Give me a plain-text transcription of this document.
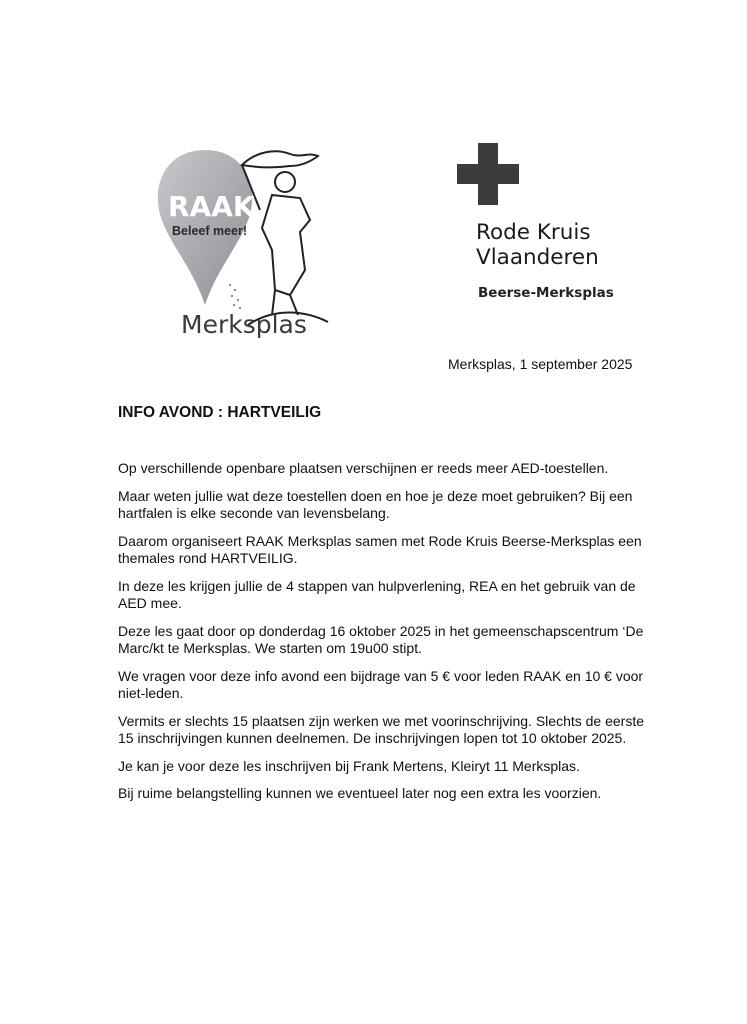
RAAK
Beleef meer!
Merksplas
Rode Kruis
Vlaanderen
Beerse-Merksplas
Merksplas, 1 september 2025
INFO AVOND : HARTVEILIG

Op verschillende openbare plaatsen verschijnen er reeds meer AED-toestellen.

Maar weten jullie wat deze toestellen doen en hoe je deze moet gebruiken? Bij een hartfalen is elke seconde van levensbelang.

Daarom organiseert RAAK Merksplas samen met Rode Kruis Beerse-Merksplas een themales rond HARTVEILIG.

In deze les krijgen jullie de 4 stappen van hulpverlening, REA en het gebruik van de AED mee.

Deze les gaat door op donderdag 16 oktober 2025 in het gemeenschapscentrum ‘De Marc/kt te Merksplas. We starten om 19u00 stipt.

We vragen voor deze info avond een bijdrage van 5 € voor leden RAAK en 10 € voor niet-leden.

Vermits er slechts 15 plaatsen zijn werken we met voorinschrijving. Slechts de eerste 15 inschrijvingen kunnen deelnemen. De inschrijvingen lopen tot 10 oktober 2025.

Je kan je voor deze les inschrijven bij Frank Mertens, Kleiryt 11 Merksplas.

Bij ruime belangstelling kunnen we eventueel later nog een extra les voorzien.
